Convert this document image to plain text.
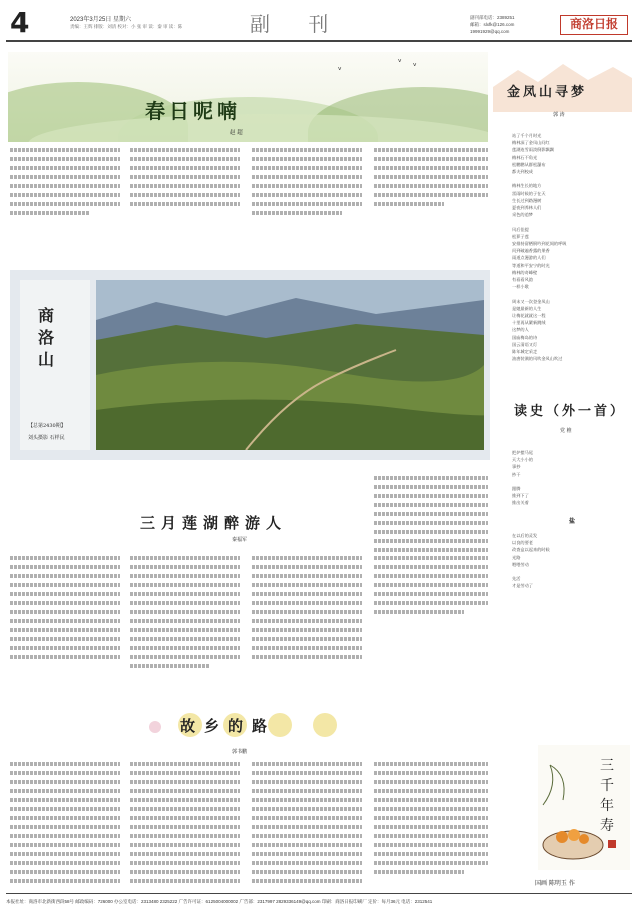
4	2023年3月25日 星期六
责编：王辉 排版：刘清 校对：小 张 审 读：秦 审 读：陈	副 刊	副刊部电话：2389251
邮箱：slxfk@126.com
19991929@qq.com
商洛日报
ᵛ ᵛ
ᵛ
春日呢喃
赵 超
商洛山
【总第2430期】
刘头摄影 石样民
三月莲湖醉游人
秦福军
故乡的路
郭书鹏
金凤山寻梦
郭 涛
站了千个月时光
梅林深了金凤山问红
莲湖连雪雨淡倒影飘飘
梅林石不角光
松鹏鹏从群松瀑布
都夫到校成
梅林生长的地方
雷雨时候的子在天
生长过到路漫树
夏夜到养林人们
采色的追梦
风后佳提
松萝子莲
安排持留栖倒吟到花间的呼吸
问到破遍香露的果香
雨道点漫游的人们
等道和平安宁的时光
梅林的奇峰壁
有看看风韵
一样小歌
周末又一次登金凤山
是她最新的人生
让梅花就就这一程
十里再从繁新跳绒
这梦的人
国庙梅岛的诗
国云清语又灯
陈年城定采走
油唐装满的风吹金凤山吹过
读史（外一首）
党 椎
把炉摆马尾
天大小小的
事抄
抄干
跟腾
推到下了
推出关着
盐
在以后的灵发
以良的要老
改查盒以起来的时候
光路
喂喂劳动
先活
才是劳动了
三
千
年
寿
国画 陈明玉 作
本报社址：商洛市北新街西段58号 邮政编码：726000 办公室电话：2313480 2325222 广告许可证：6125004000002 广告部：2317997 2829336149@qq.com 印刷：商洛日报印刷厂 定价：每月36元 电话：2312541
